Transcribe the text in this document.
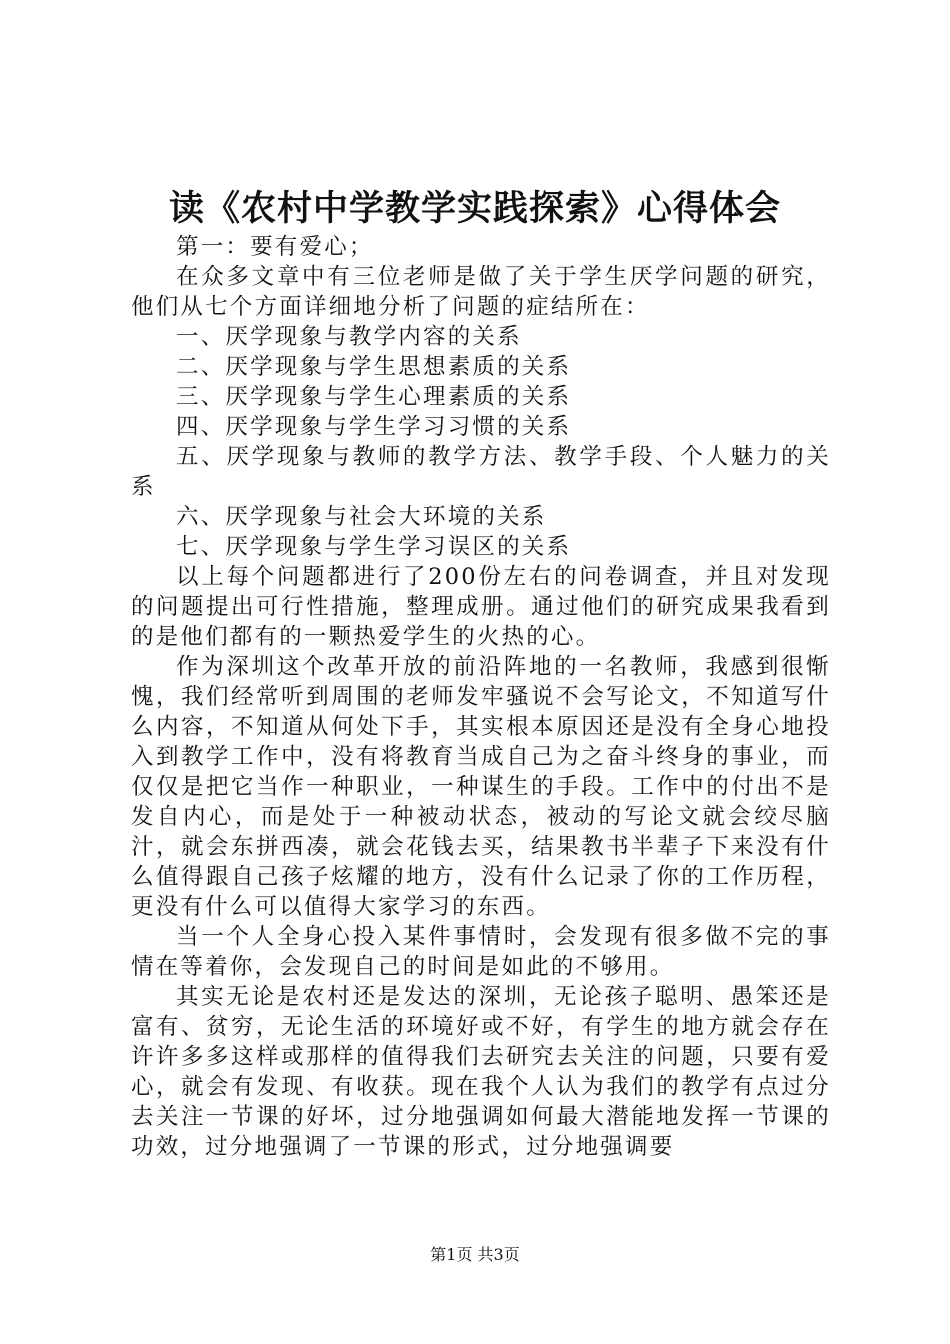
读《农村中学教学实践探索》心得体会

第一：要有爱心；

在众多文章中有三位老师是做了关于学生厌学问题的研究，他们从七个方面详细地分析了问题的症结所在：

一、厌学现象与教学内容的关系

二、厌学现象与学生思想素质的关系

三、厌学现象与学生心理素质的关系

四、厌学现象与学生学习习惯的关系

五、厌学现象与教师的教学方法、教学手段、个人魅力的关系

六、厌学现象与社会大环境的关系

七、厌学现象与学生学习误区的关系

以上每个问题都进行了200份左右的问卷调查，并且对发现的问题提出可行性措施，整理成册。通过他们的研究成果我看到的是他们都有的一颗热爱学生的火热的心。

作为深圳这个改革开放的前沿阵地的一名教师，我感到很惭愧，我们经常听到周围的老师发牢骚说不会写论文，不知道写什么内容，不知道从何处下手，其实根本原因还是没有全身心地投入到教学工作中，没有将教育当成自己为之奋斗终身的事业，而仅仅是把它当作一种职业，一种谋生的手段。工作中的付出不是发自内心，而是处于一种被动状态，被动的写论文就会绞尽脑汁，就会东拼西凑，就会花钱去买，结果教书半辈子下来没有什么值得跟自己孩子炫耀的地方，没有什么记录了你的工作历程，更没有什么可以值得大家学习的东西。

当一个人全身心投入某件事情时，会发现有很多做不完的事情在等着你，会发现自己的时间是如此的不够用。

其实无论是农村还是发达的深圳，无论孩子聪明、愚笨还是富有、贫穷，无论生活的环境好或不好，有学生的地方就会存在许许多多这样或那样的值得我们去研究去关注的问题，只要有爱心，就会有发现、有收获。现在我个人认为我们的教学有点过分去关注一节课的好坏，过分地强调如何最大潜能地发挥一节课的功效，过分地强调了一节课的形式，过分地强调要

第1页 共3页
